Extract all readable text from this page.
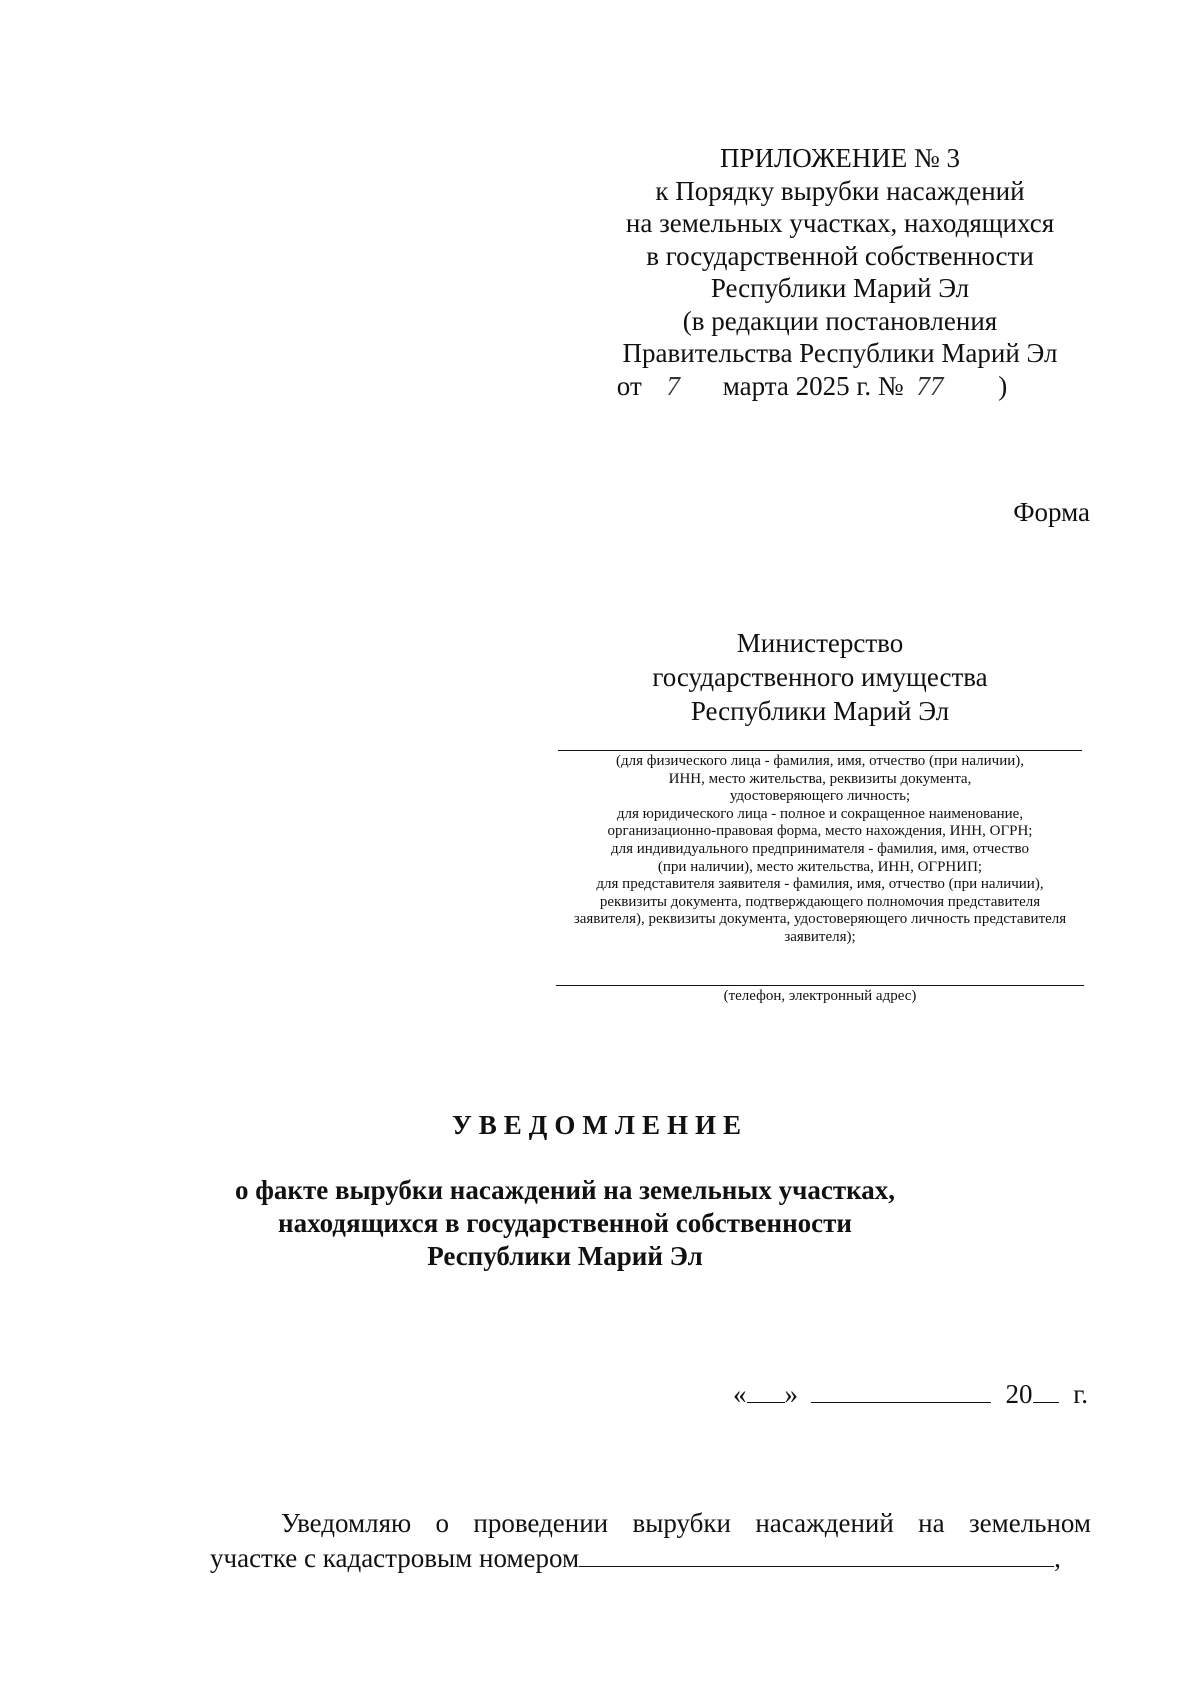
ПРИЛОЖЕНИЕ № 3
к Порядку вырубки насаждений
на земельных участках, находящихся
в государственной собственности
Республики Марий Эл
(в редакции постановления
Правительства Республики Марий Эл
от 7 марта 2025 г. № 77 )
Форма
Министерство
государственного имущества
Республики Марий Эл
(для физического лица - фамилия, имя, отчество (при наличии),
ИНН, место жительства, реквизиты документа,
удостоверяющего личность;
для юридического лица - полное и сокращенное наименование,
организационно-правовая форма, место нахождения, ИНН, ОГРН;
для индивидуального предпринимателя - фамилия, имя, отчество
(при наличии), место жительства, ИНН, ОГРНИП;
для представителя заявителя - фамилия, имя, отчество (при наличии),
реквизиты документа, подтверждающего полномочия представителя
заявителя), реквизиты документа, удостоверяющего личность представителя
заявителя);
(телефон, электронный адрес)
УВЕДОМЛЕНИЕ
о факте вырубки насаждений на земельных участках,
находящихся в государственной собственности
Республики Марий Эл
« »	20 г.
Уведомляю о проведении вырубки насаждений на земельном
участке с кадастровым номером	,
